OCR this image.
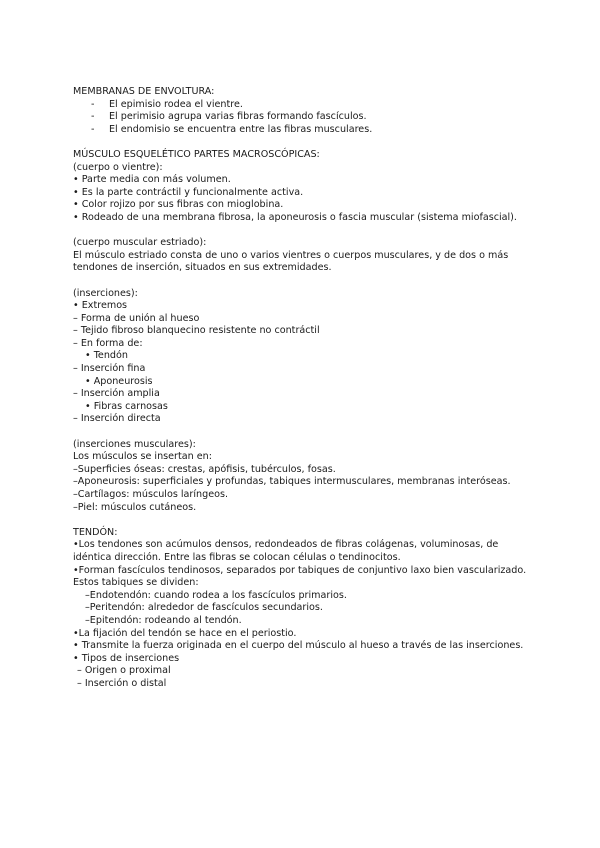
MEMBRANAS DE ENVOLTURA:
-	El epimisio rodea el vientre.
-	El perimisio agrupa varias fibras formando fascículos.
-	El endomisio se encuentra entre las fibras musculares.
MÚSCULO ESQUELÉTICO PARTES MACROSCÓPICAS:
(cuerpo o vientre):
• Parte media con más volumen.
• Es la parte contráctil y funcionalmente activa.
• Color rojizo por sus fibras con mioglobina.
• Rodeado de una membrana fibrosa, la aponeurosis o fascia muscular (sistema miofascial).
(cuerpo muscular estriado):
El músculo estriado consta de uno o varios vientres o cuerpos musculares, y de dos o más tendones de inserción, situados en sus extremidades.
(inserciones):
• Extremos
– Forma de unión al hueso
– Tejido fibroso blanquecino resistente no contráctil
– En forma de:
• Tendón
– Inserción fina
• Aponeurosis
– Inserción amplia
• Fibras carnosas
– Inserción directa
(inserciones musculares):
Los músculos se insertan en:
–Superficies óseas: crestas, apófisis, tubérculos, fosas.
–Aponeurosis: superficiales y profundas, tabiques intermusculares, membranas interóseas.
–Cartílagos: músculos laríngeos.
–Piel: músculos cutáneos.
TENDÓN:
•Los tendones son acúmulos densos, redondeados de fibras colágenas, voluminosas, de idéntica dirección. Entre las fibras se colocan células o tendinocitos.
•Forman fascículos tendinosos, separados por tabiques de conjuntivo laxo bien vascularizado. Estos tabiques se dividen:
–Endotendón: cuando rodea a los fascículos primarios.
–Peritendón: alrededor de fascículos secundarios.
–Epitendón: rodeando al tendón.
•La fijación del tendón se hace en el periostio.
• Transmite la fuerza originada en el cuerpo del músculo al hueso a través de las inserciones.
• Tipos de inserciones
– Origen o proximal
– Inserción o distal
